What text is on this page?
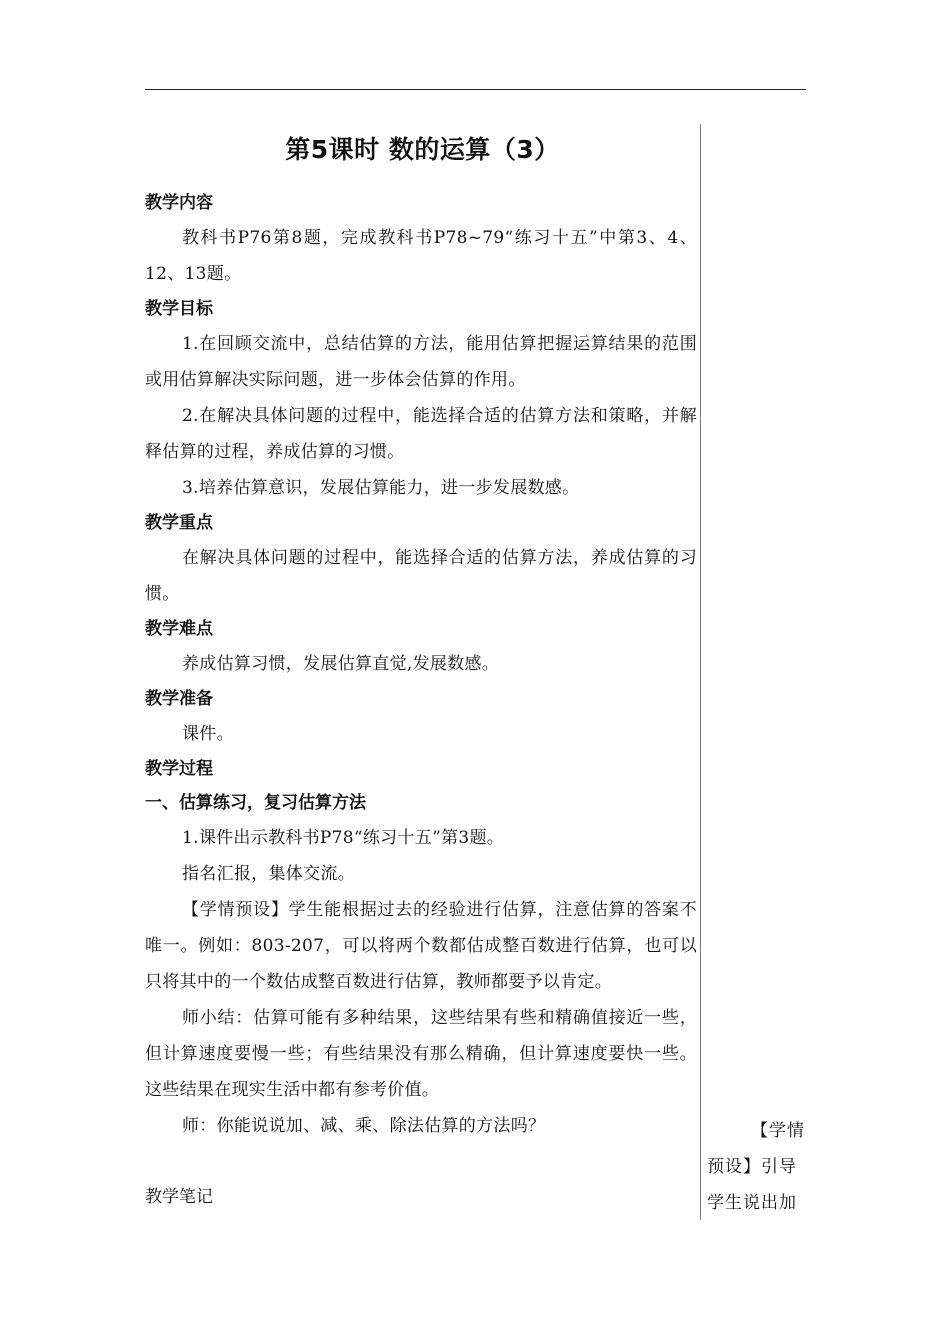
第5课时 数的运算（3）
教学内容
教科书P76第8题，完成教科书P78~79“练习十五”中第3、4、12、13题。
教学目标
1.在回顾交流中，总结估算的方法，能用估算把握运算结果的范围或用估算解决实际问题，进一步体会估算的作用。
2.在解决具体问题的过程中，能选择合适的估算方法和策略，并解释估算的过程，养成估算的习惯。
3.培养估算意识，发展估算能力，进一步发展数感。
教学重点
在解决具体问题的过程中，能选择合适的估算方法，养成估算的习惯。
教学难点
养成估算习惯，发展估算直觉,发展数感。
教学准备
课件。
教学过程
一、估算练习，复习估算方法
1.课件出示教科书P78“练习十五”第3题。
指名汇报，集体交流。
【学情预设】学生能根据过去的经验进行估算，注意估算的答案不唯一。例如：803-207，可以将两个数都估成整百数进行估算，也可以只将其中的一个数估成整百数进行估算，教师都要予以肯定。
师小结：估算可能有多种结果，这些结果有些和精确值接近一些，但计算速度要慢一些；有些结果没有那么精确，但计算速度要快一些。这些结果在现实生活中都有参考价值。
师：你能说说加、减、乘、除法估算的方法吗？
教学笔记
【学情
预设】引导
学生说出加
